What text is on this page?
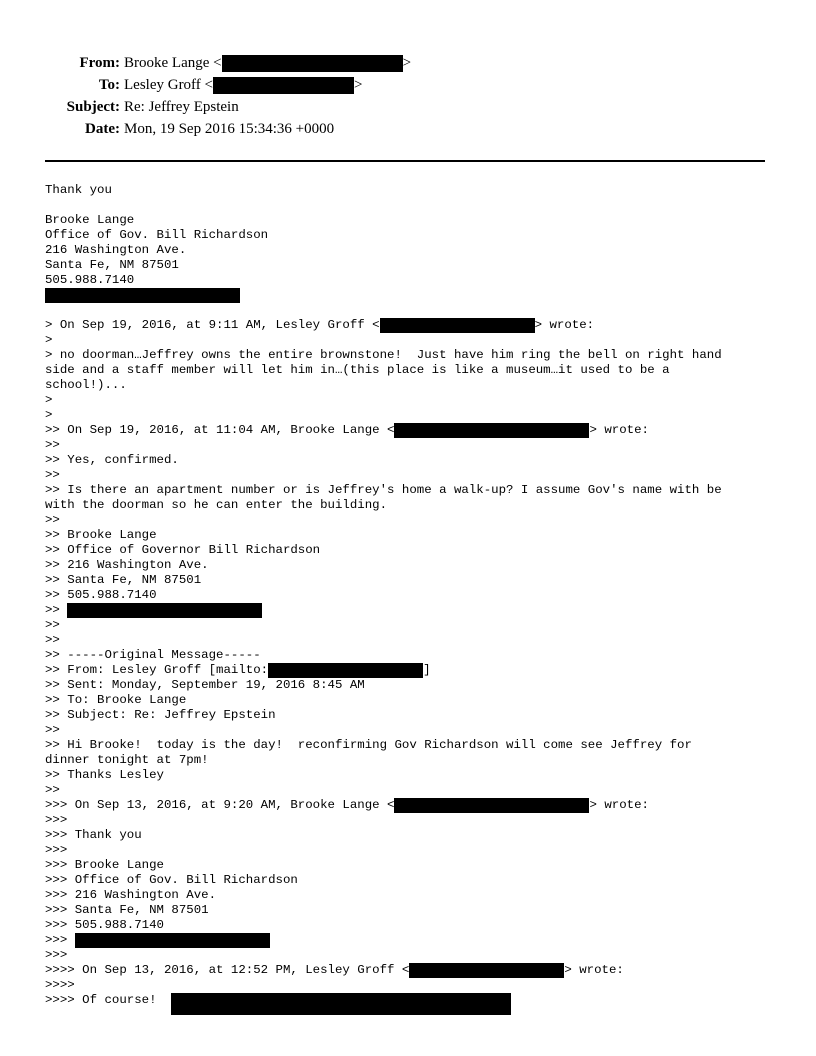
From: Brooke Lange <	>
To: Lesley Groff <	>
Subject: Re: Jeffrey Epstein
Date: Mon, 19 Sep 2016 15:34:36 +0000
Thank you
Brooke Lange
Office of Gov. Bill Richardson
216 Washington Ave.
Santa Fe, NM 87501
505.988.7140
> On Sep 19, 2016, at 9:11 AM, Lesley Groff <	> wrote:
>
> no doorman…Jeffrey owns the entire brownstone!  Just have him ring the bell on right hand
side and a staff member will let him in…(this place is like a museum…it used to be a
school!)...
>
>
>> On Sep 19, 2016, at 11:04 AM, Brooke Lange <	> wrote:
>>
>> Yes, confirmed.
>>
>> Is there an apartment number or is Jeffrey's home a walk-up? I assume Gov's name with be
with the doorman so he can enter the building.
>>
>> Brooke Lange
>> Office of Governor Bill Richardson
>> 216 Washington Ave.
>> Santa Fe, NM 87501
>> 505.988.7140
>>
>>
>>
>> -----Original Message-----
>> From: Lesley Groff [mailto:	]
>> Sent: Monday, September 19, 2016 8:45 AM
>> To: Brooke Lange
>> Subject: Re: Jeffrey Epstein
>>
>> Hi Brooke!  today is the day!  reconfirming Gov Richardson will come see Jeffrey for
dinner tonight at 7pm!
>> Thanks Lesley
>>
>>> On Sep 13, 2016, at 9:20 AM, Brooke Lange <	> wrote:
>>>
>>> Thank you
>>>
>>> Brooke Lange
>>> Office of Gov. Bill Richardson
>>> 216 Washington Ave.
>>> Santa Fe, NM 87501
>>> 505.988.7140
>>>
>>>
>>>> On Sep 13, 2016, at 12:52 PM, Lesley Groff <	> wrote:
>>>>
>>>> Of course!
